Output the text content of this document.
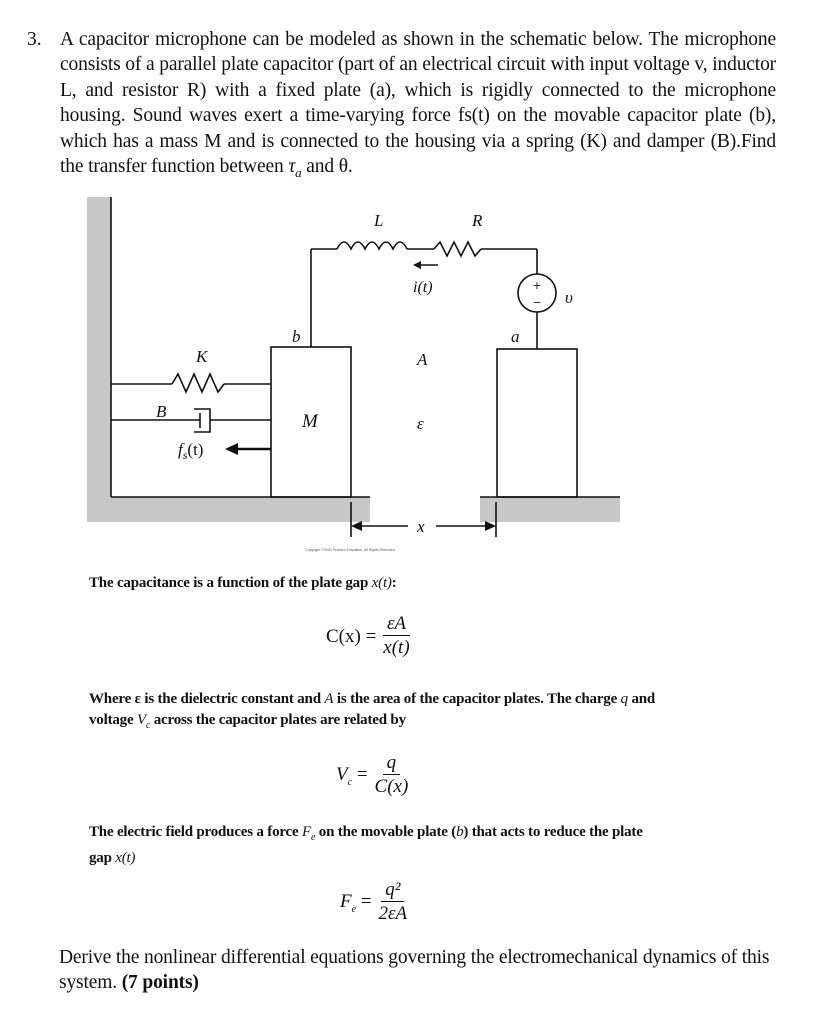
3. A capacitor microphone can be modeled as shown in the schematic below. The microphone consists of a parallel plate capacitor (part of an electrical circuit with input voltage v, inductor L, and resistor R) with a fixed plate (a), which is rigidly connected to the microphone housing. Sound waves exert a time-varying force fs(t) on the movable capacitor plate (b), which has a mass M and is connected to the housing via a spring (K) and damper (B).Find the transfer function between $\tau_a$ and θ.
L	R
i(t)
υ
b	a
K	A
B	M	ε
$f_s(t)$
x
+
−
Copyright ©2003 Pearson Education, All Rights Reserved
The capacitance is a function of the plate gap x(t):
$C(x) = \frac{\varepsilon A}{x(t)}$
Where ε is the dielectric constant and A is the area of the capacitor plates. The charge q and
voltage $V_c$ across the capacitor plates are related by
$V_c = \frac{q}{C(x)}$
The electric field produces a force $F_e$ on the movable plate (b) that acts to reduce the plate
gap x(t)
$F_e = \frac{\text{q²}}{2\varepsilon A}$
Derive the nonlinear differential equations governing the electromechanical dynamics of this system. (7 points)
